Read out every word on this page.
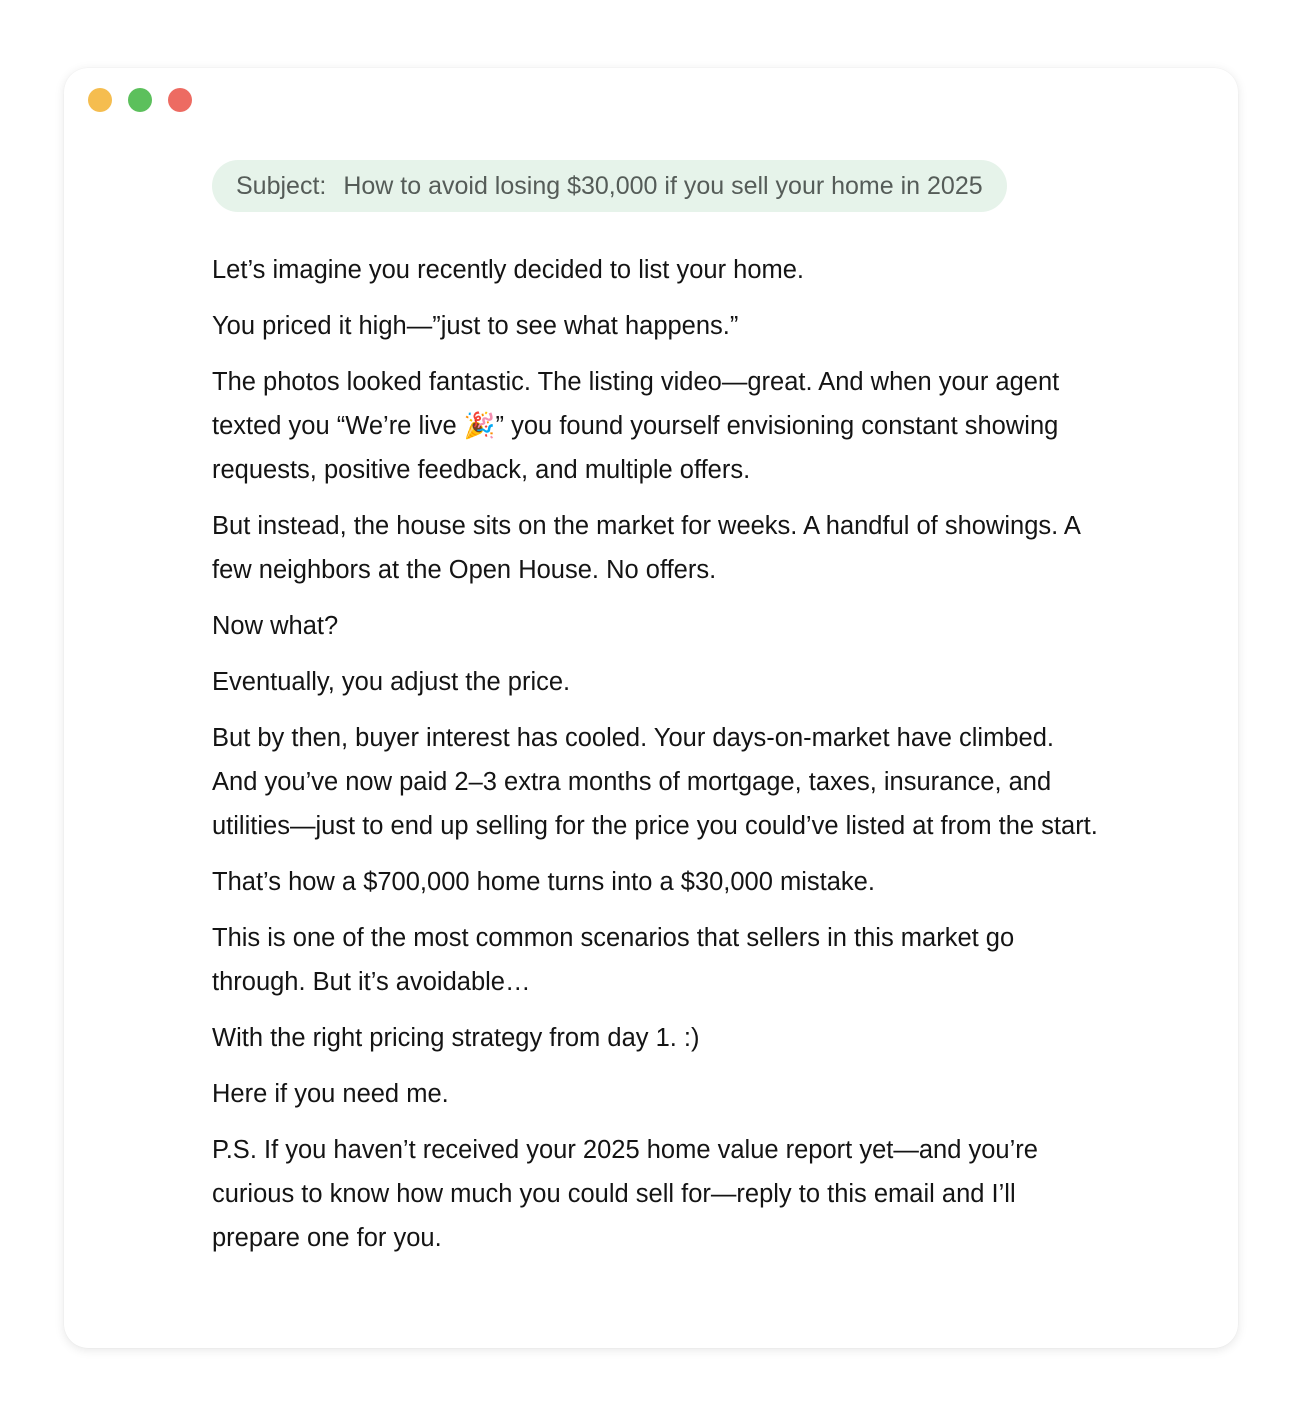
Subject: How to avoid losing $30,000 if you sell your home in 2025

Let’s imagine you recently decided to list your home.

You priced it high—”just to see what happens.”

The photos looked fantastic. The listing video—great. And when your agent texted you “We’re live 🎉” you found yourself envisioning constant showing requests, positive feedback, and multiple offers.

But instead, the house sits on the market for weeks. A handful of showings. A few neighbors at the Open House. No offers.

Now what?

Eventually, you adjust the price.

But by then, buyer interest has cooled. Your days-on-market have climbed. And you’ve now paid 2–3 extra months of mortgage, taxes, insurance, and utilities—just to end up selling for the price you could’ve listed at from the start.

That’s how a $700,000 home turns into a $30,000 mistake.

This is one of the most common scenarios that sellers in this market go through. But it’s avoidable…

With the right pricing strategy from day 1. :)

Here if you need me.

P.S. If you haven’t received your 2025 home value report yet—and you’re curious to know how much you could sell for—reply to this email and I’ll prepare one for you.
